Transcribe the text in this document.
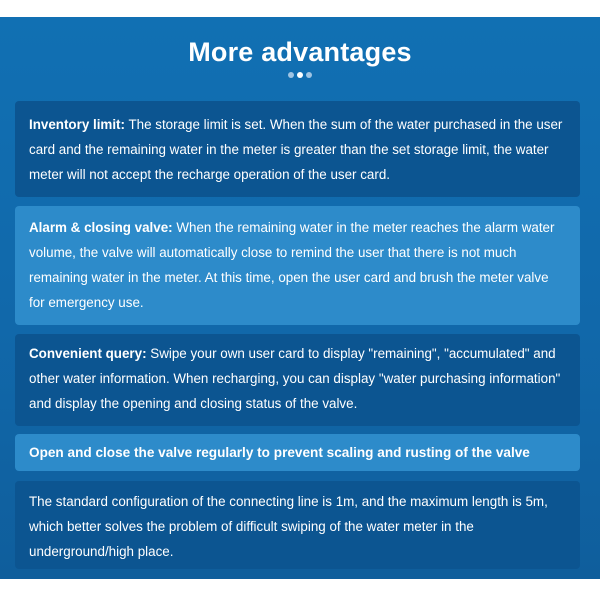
More advantages
Inventory limit: The storage limit is set. When the sum of the water purchased in the user card and the remaining water in the meter is greater than the set storage limit, the water meter will not accept the recharge operation of the user card.
Alarm & closing valve: When the remaining water in the meter reaches the alarm water volume, the valve will automatically close to remind the user that there is not much remaining water in the meter. At this time, open the user card and brush the meter valve for emergency use.
Convenient query: Swipe your own user card to display "remaining", "accumulated" and other water information. When recharging, you can display "water purchasing information" and display the opening and closing status of the valve.
Open and close the valve regularly to prevent scaling and rusting of the valve
The standard configuration of the connecting line is 1m, and the maximum length is 5m, which better solves the problem of difficult swiping of the water meter in the underground/high place.
